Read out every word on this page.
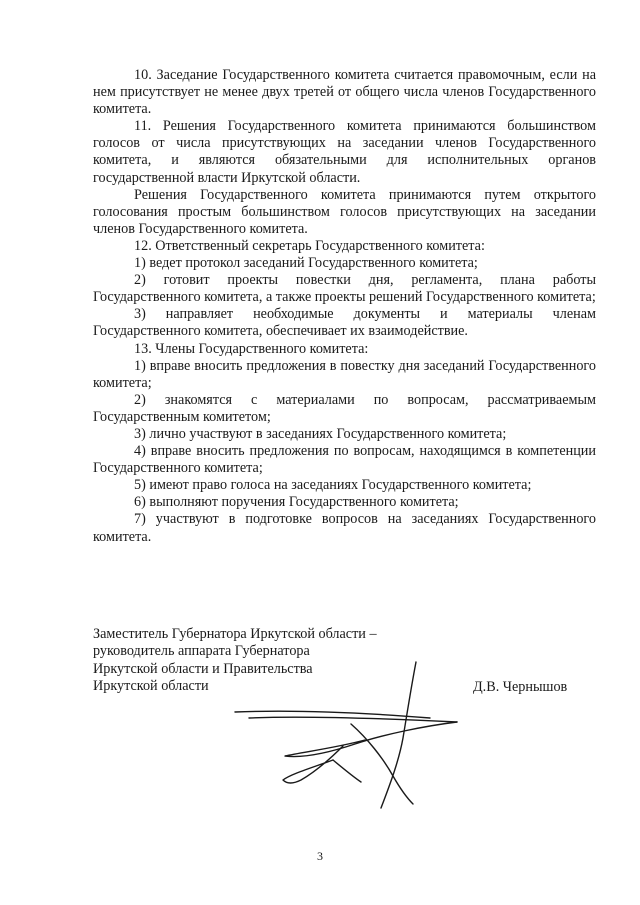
10. Заседание Государственного комитета считается правомочным, если на нем присутствует не менее двух третей от общего числа членов Государственного комитета.

11. Решения Государственного комитета принимаются большинством голосов от числа присутствующих на заседании членов Государственного комитета, и являются обязательными для исполнительных органов государственной власти Иркутской области.

Решения Государственного комитета принимаются путем открытого голосования простым большинством голосов присутствующих на заседании членов Государственного комитета.

12. Ответственный секретарь Государственного комитета:

1) ведет протокол заседаний Государственного комитета;

2) готовит проекты повестки дня, регламента, плана работы Государственного комитета, а также проекты решений Государственного комитета;

3) направляет необходимые документы и материалы членам Государственного комитета, обеспечивает их взаимодействие.

13. Члены Государственного комитета:

1) вправе вносить предложения в повестку дня заседаний Государственного комитета;

2) знакомятся с материалами по вопросам, рассматриваемым Государственным комитетом;

3) лично участвуют в заседаниях Государственного комитета;

4) вправе вносить предложения по вопросам, находящимся в компетенции Государственного комитета;

5) имеют право голоса на заседаниях Государственного комитета;

6) выполняют поручения Государственного комитета;

7) участвуют в подготовке вопросов на заседаниях Государственного комитета.

Заместитель Губернатора Иркутской области –
руководитель аппарата Губернатора
Иркутской области и Правительства
Иркутской области	Д.В. Чернышов
3
